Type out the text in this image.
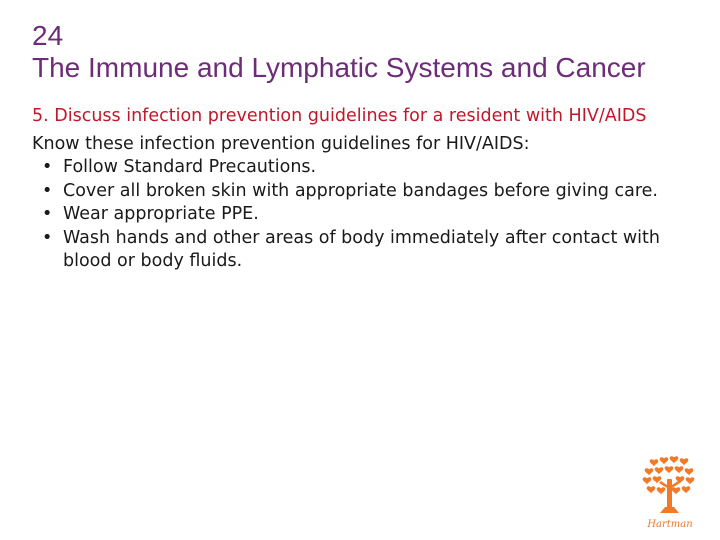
24
The Immune and Lymphatic Systems and Cancer
5. Discuss infection prevention guidelines for a resident with HIV/AIDS
Know these infection prevention guidelines for HIV/AIDS:
• Follow Standard Precautions.
• Cover all broken skin with appropriate bandages before giving care.
• Wear appropriate PPE.
• Wash hands and other areas of body immediately after contact with blood or body fluids.
Hartman
